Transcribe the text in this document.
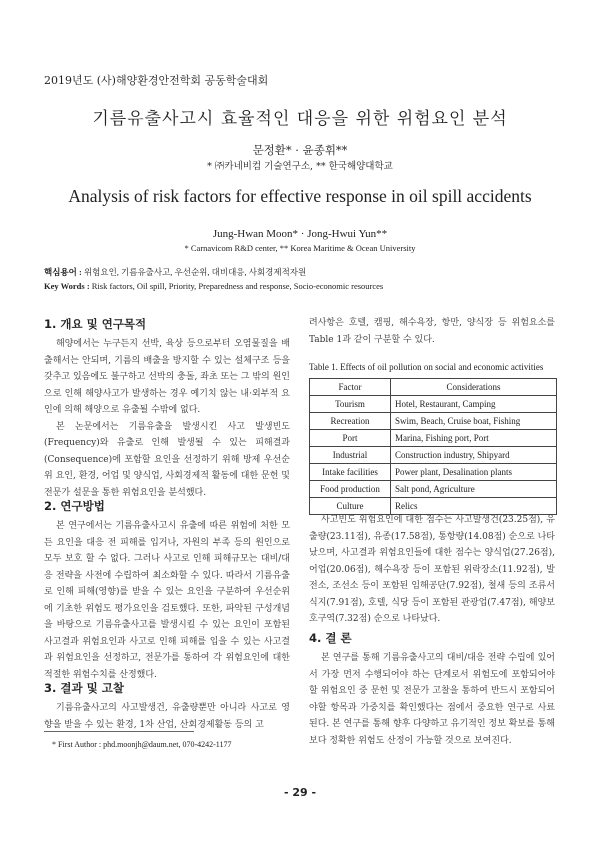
2019년도 (사)해양환경안전학회 공동학술대회
기름유출사고시 효율적인 대응을 위한 위험요인 분석
문정환* · 윤종휘**
* ㈜카네비컴 기술연구소, ** 한국해양대학교
Analysis of risk factors for effective response in oil spill accidents
Jung-Hwan Moon* · Jong-Hwui Yun**
* Carnavicom R&D center, ** Korea Maritime & Ocean University
핵심용어 : 위험요인, 기름유출사고, 우선순위, 대비대응, 사회경제적자원
Key Words : Risk factors, Oil spill, Priority, Preparedness and response, Socio-economic resources
1. 개요 및 연구목적

해양에서는 누구든지 선박, 육상 등으로부터 오염물질을 배출해서는 안되며, 기름의 배출을 방지할 수 있는 설체구조 등을 갖추고 있음에도 불구하고 선박의 충돌, 좌초 또는 그 밖의 원인으로 인해 해양사고가 발생하는 경우 예기치 않는 내·외부적 요인에 의해 해양으로 유출될 수밖에 없다.

본 논문에서는 기름유출을 발생시킨 사고 발생빈도(Frequency)와 유출로 인해 발생될 수 있는 피해결과(Consequence)에 포함할 요인을 선정하기 위해 방제 우선순위 요인, 환경, 어업 및 양식업, 사회경제적 활동에 대한 문헌 및 전문가 설문을 통한 위험요인을 분석했다.

2. 연구방법

본 연구에서는 기름유출사고시 유출에 따른 위험에 처한 모든 요인을 대응 전 피해를 입거나, 자원의 부족 등의 원인으로 모두 보호 할 수 없다. 그러나 사고로 인해 피해규모는 대비/대응 전략을 사전에 수립하여 최소화할 수 있다. 따라서 기름유출로 인해 피해(영향)를 받을 수 있는 요인을 구분하여 우선순위에 기초한 위험도 평가요인을 검토했다. 또한, 파악된 구성개념을 바탕으로 기름유출사고를 발생시킬 수 있는 요인이 포함된 사고결과 위험요인과 사고로 인해 피해를 입을 수 있는 사고결과 위험요인을 선정하고, 전문가를 통하여 각 위험요인에 대한 적절한 위험수치를 산정했다.

3. 결과 및 고찰

기름유출사고의 사고발생건, 유출량뿐만 아니라 사고로 영향을 받을 수 있는 환경, 1차 산업, 산회경제활동 등의 고

* First Author : phd.moonjh@daum.net, 070-4242-1177

려사항은 호텔, 캠핑, 해수욕장, 항만, 양식장 등 위험요소를 Table 1과 같이 구분할 수 있다.

Table 1. Effects of oil pollution on social and economic activities
Factor	Considerations
Tourism	Hotel, Restaurant, Camping
Recreation	Swim, Beach, Cruise boat, Fishing
Port	Marina, Fishing port, Port
Industrial	Construction industry, Shipyard
Intake facilities	Power plant, Desalination plants
Food production	Salt pond, Agriculture
Culture	Relics

사고빈도 위험요인에 대한 점수는 사고발생건(23.25점), 유출량(23.11점), 유종(17.58점), 통항량(14.08점) 순으로 나타났으며, 사고결과 위험요인들에 대한 점수는 양식업(27.26점), 어업(20.06점), 해수욕장 등이 포함된 위락장소(11.92점), 발전소, 조선소 등이 포함된 임해공단(7.92점), 철새 등의 조류서식지(7.91점), 호텔, 식당 등이 포함된 관광업(7.47점), 해양보호구역(7.32점) 순으로 나타났다.

4. 결 론

본 연구를 통해 기름유출사고의 대비/대응 전략 수립에 있어서 가장 먼저 수행되어야 하는 단계로서 위험도에 포함되어야 할 위험요인 중 문헌 및 전문가 고찰을 통하여 반드시 포함되어야할 항목과 가중치를 확인했다는 점에서 중요한 연구로 사료된다. 본 연구를 통해 향후 다양하고 유기적인 정보 확보를 통해 보다 정확한 위험도 산정이 가능할 것으로 보여진다.

- 29 -
